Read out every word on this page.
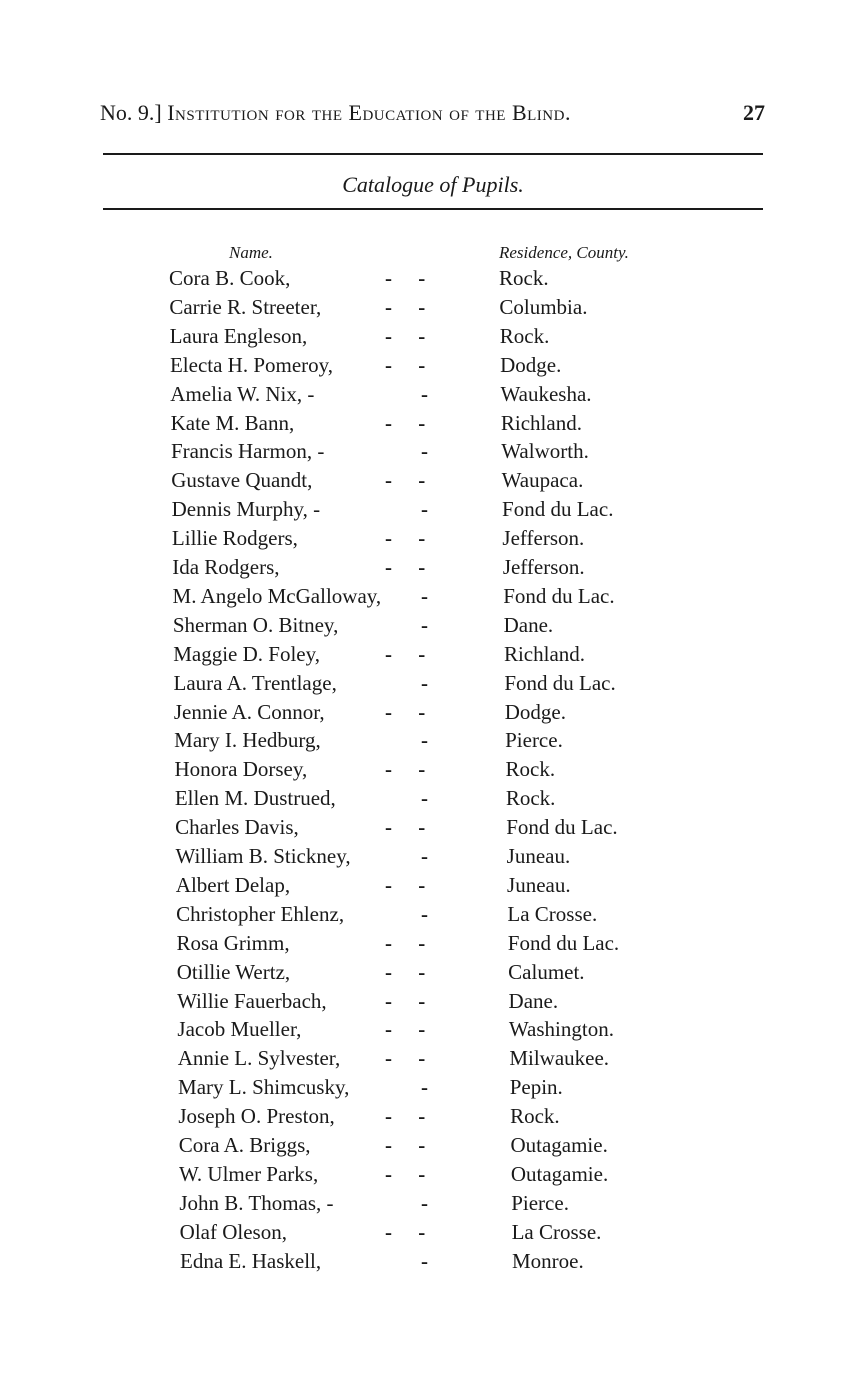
No. 9.] Institution for the Education of the Blind.	27
Catalogue of Pupils.
Name.	Residence, County.
Cora B. Cook,	-     -	Rock.
Carrie R. Streeter,	-     -	Columbia.
Laura Engleson,	-     -	Rock.
Electa H. Pomeroy, -     -	Dodge.
Amelia W. Nix, -	-	Waukesha.
Kate M. Bann,	-     -	Richland.
Francis Harmon, -	-	Walworth.
Gustave Quandt,	-     -	Waupaca.
Dennis Murphy, -	-	Fond du Lac.
Lillie Rodgers,	-     -	Jefferson.
Ida Rodgers,	-     -	Jefferson.
M. Angelo McGalloway, -	Fond du Lac.
Sherman O. Bitney,	-	Dane.
Maggie D. Foley,	-     -	Richland.
Laura A. Trentlage,	-	Fond du Lac.
Jennie A. Connor,	-     -	Dodge.
Mary I. Hedburg,	-	Pierce.
Honora Dorsey,	-     -	Rock.
Ellen M. Dustrued,	-	Rock.
Charles Davis,	-     -	Fond du Lac.
William B. Stickney,	-	Juneau.
Albert Delap,	-     -	Juneau.
Christopher Ehlenz,	-	La Crosse.
Rosa Grimm,	-     -	Fond du Lac.
Otillie Wertz,	-     -	Calumet.
Willie Fauerbach,	-     -	Dane.
Jacob Mueller,	-     -	Washington.
Annie L. Sylvester, -     -	Milwaukee.
Mary L. Shimcusky,	-	Pepin.
Joseph O. Preston, -     -	Rock.
Cora A. Briggs,	-     -	Outagamie.
W. Ulmer Parks,	-     -	Outagamie.
John B. Thomas, -	-	Pierce.
Olaf Oleson,	-     -	La Crosse.
Edna E. Haskell,	-	Monroe.
